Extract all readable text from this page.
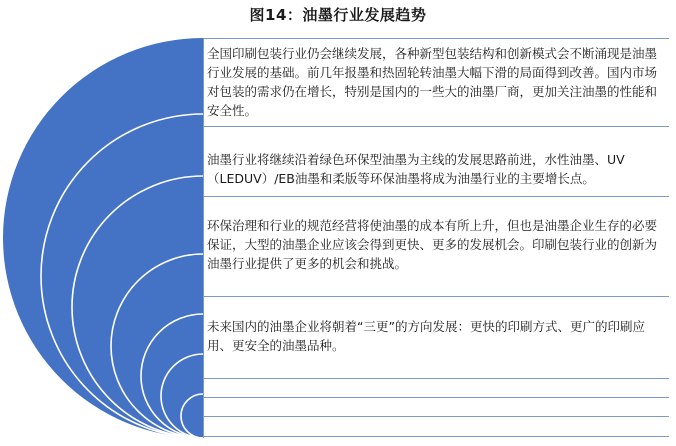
图14：油墨行业发展趋势
全国印刷包装行业仍会继续发展，各种新型包装结构和创新模式会不断涌现是油墨行业发展的基础。前几年报墨和热固轮转油墨大幅下滑的局面得到改善。国内市场对包装的需求仍在增长，特别是国内的一些大的油墨厂商，更加关注油墨的性能和安全性。
油墨行业将继续沿着绿色环保型油墨为主线的发展思路前进，水性油墨、UV（LEDUV）/EB油墨和柔版等环保油墨将成为油墨行业的主要增长点。
环保治理和行业的规范经营将使油墨的成本有所上升，但也是油墨企业生存的必要保证，大型的油墨企业应该会得到更快、更多的发展机会。印刷包装行业的创新为油墨行业提供了更多的机会和挑战。
未来国内的油墨企业将朝着“三更”的方向发展：更快的印刷方式、更广的印刷应用、更安全的油墨品种。
